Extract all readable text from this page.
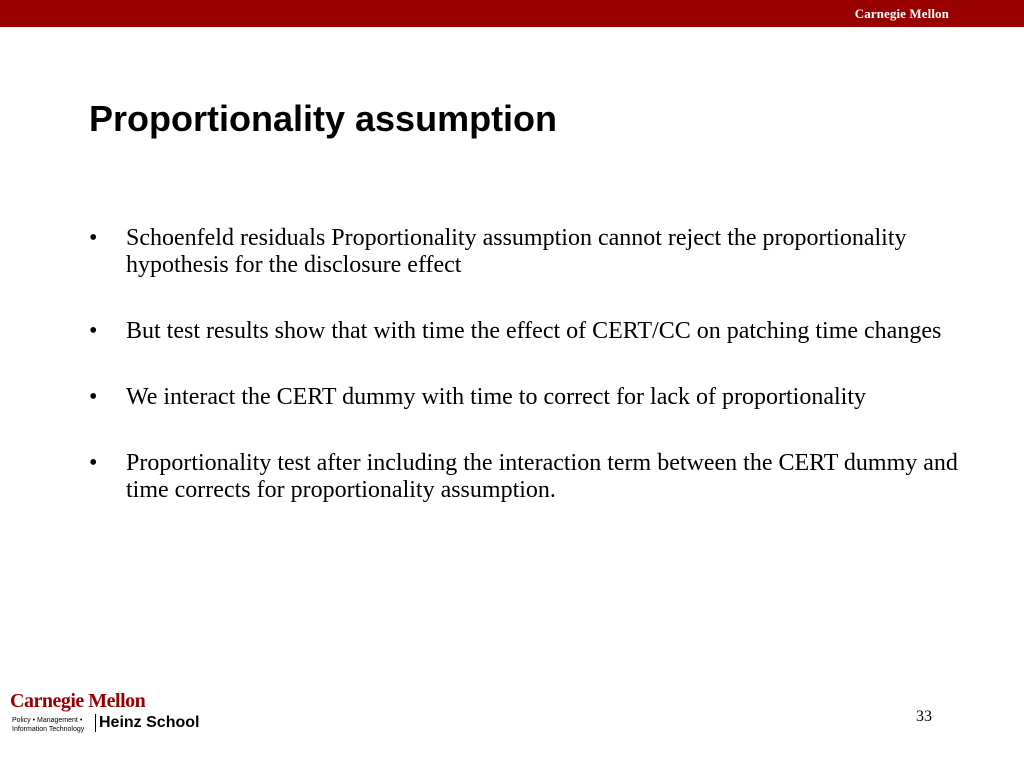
Carnegie Mellon
Proportionality assumption
• Schoenfeld residuals Proportionality assumption cannot reject the proportionality hypothesis for the disclosure effect
• But test results show that with time the effect of CERT/CC on patching time changes
• We interact the CERT dummy with time to correct for lack of proportionality
• Proportionality test after including the interaction term between the CERT dummy and time corrects for proportionality assumption.
Carnegie Mellon
Policy • Management •
Information Technology Heinz School	33
